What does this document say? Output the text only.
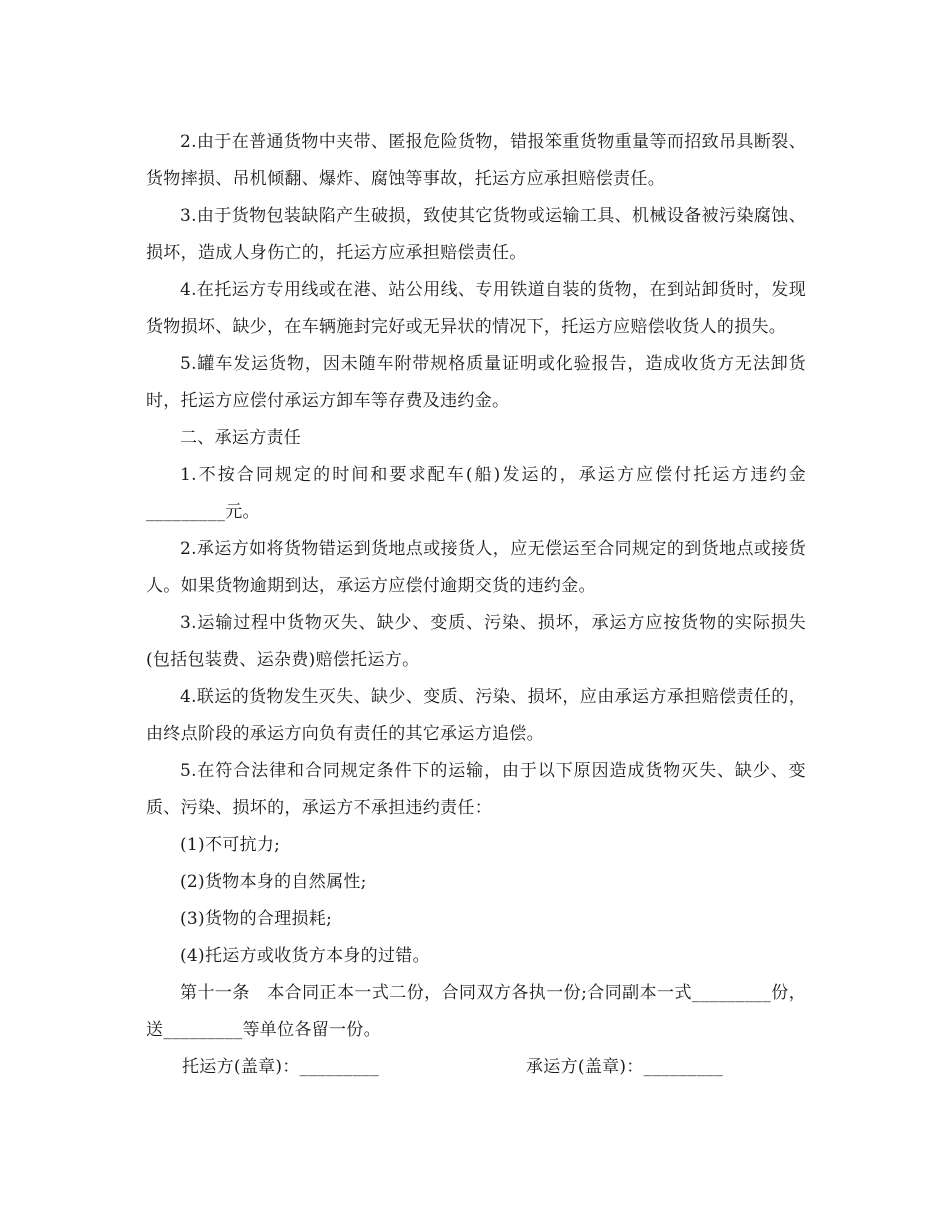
2.由于在普通货物中夹带、匿报危险货物，错报笨重货物重量等而招致吊具断裂、货物摔损、吊机倾翻、爆炸、腐蚀等事故，托运方应承担赔偿责任。

3.由于货物包装缺陷产生破损，致使其它货物或运输工具、机械设备被污染腐蚀、损坏，造成人身伤亡的，托运方应承担赔偿责任。

4.在托运方专用线或在港、站公用线、专用铁道自装的货物，在到站卸货时，发现货物损坏、缺少，在车辆施封完好或无异状的情况下，托运方应赔偿收货人的损失。

5.罐车发运货物，因未随车附带规格质量证明或化验报告，造成收货方无法卸货时，托运方应偿付承运方卸车等存费及违约金。

二、承运方责任

1.不按合同规定的时间和要求配车(船)发运的，承运方应偿付托运方违约金_________元。

2.承运方如将货物错运到货地点或接货人，应无偿运至合同规定的到货地点或接货人。如果货物逾期到达，承运方应偿付逾期交货的违约金。

3.运输过程中货物灭失、缺少、变质、污染、损坏，承运方应按货物的实际损失(包括包装费、运杂费)赔偿托运方。

4.联运的货物发生灭失、缺少、变质、污染、损坏，应由承运方承担赔偿责任的，由终点阶段的承运方向负有责任的其它承运方追偿。

5.在符合法律和合同规定条件下的运输，由于以下原因造成货物灭失、缺少、变质、污染、损坏的，承运方不承担违约责任：

(1)不可抗力;

(2)货物本身的自然属性;

(3)货物的合理损耗;

(4)托运方或收货方本身的过错。

第十一条　本合同正本一式二份，合同双方各执一份;合同副本一式_________份，送_________等单位各留一份。

托运方(盖章)：_________	承运方(盖章)：_________
